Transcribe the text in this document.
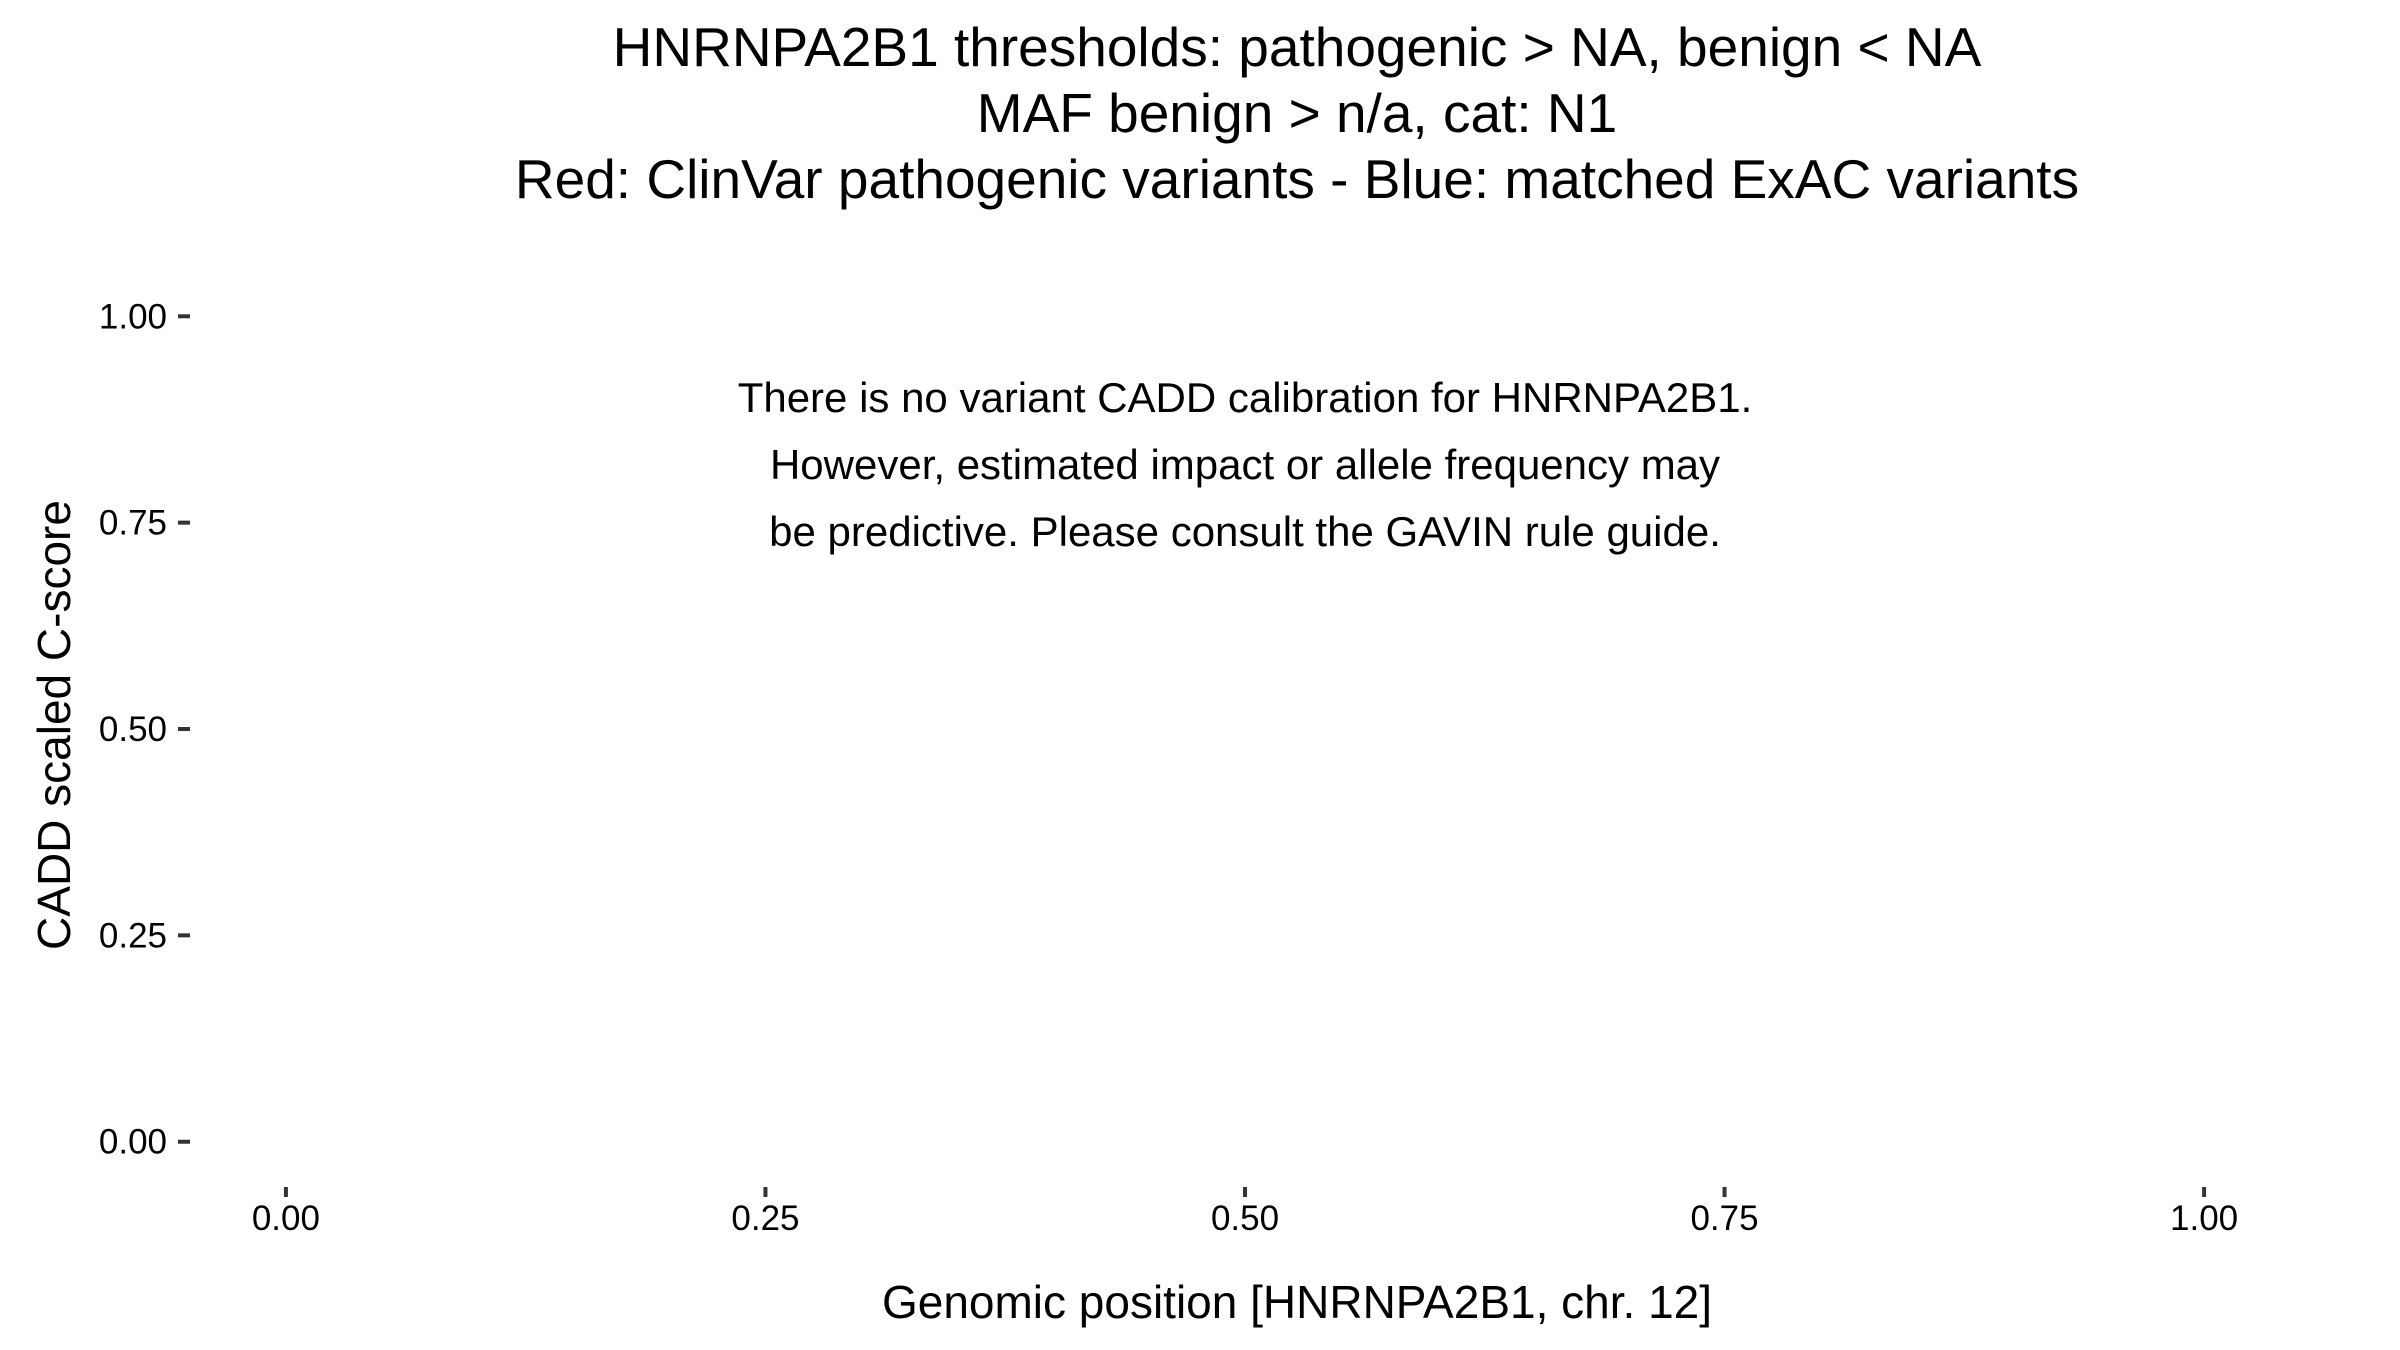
HNRNPA2B1 thresholds: pathogenic > NA, benign < NA
MAF benign > n/a, cat: N1
Red: ClinVar pathogenic variants - Blue: matched ExAC variants
There is no variant CADD calibration for HNRNPA2B1.
However, estimated impact or allele frequency may
be predictive. Please consult the GAVIN rule guide.
0.00	0.25	0.50	0.75	1.00
0.00
0.25
0.50
0.75
1.00
Genomic position [HNRNPA2B1, chr. 12]
CADD scaled C-score
